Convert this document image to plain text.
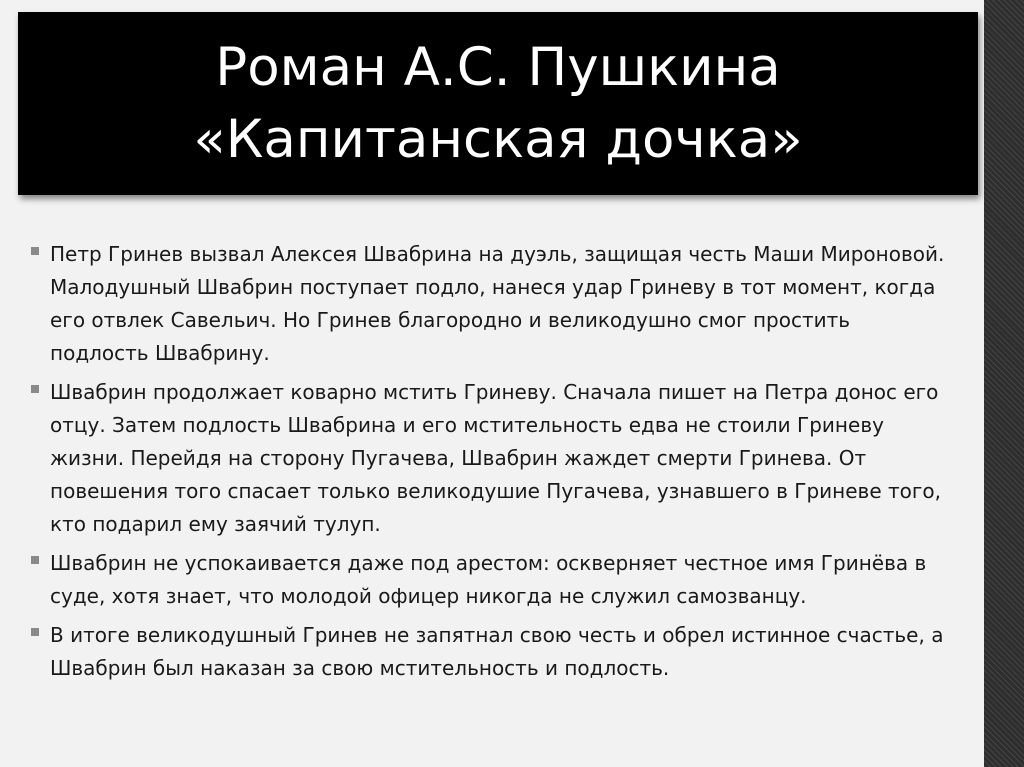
Роман А.С. Пушкина
«Капитанская дочка»
Петр Гринев вызвал Алексея Швабрина на дуэль, защищая честь Маши Мироновой. Малодушный Швабрин поступает подло, нанеся удар Гриневу в тот момент, когда его отвлек Савельич. Но Гринев благородно и великодушно смог простить подлость Швабрину.
Швабрин продолжает коварно мстить Гриневу. Сначала пишет на Петра донос его отцу. Затем подлость Швабрина и его мстительность едва не стоили Гриневу жизни. Перейдя на сторону Пугачева, Швабрин жаждет смерти Гринева. От повешения того спасает только великодушие Пугачева, узнавшего в Гриневе того, кто подарил ему заячий тулуп.
Швабрин не успокаивается даже под арестом: оскверняет честное имя Гринёва в суде, хотя знает, что молодой офицер никогда не служил самозванцу.
В итоге великодушный Гринев не запятнал свою честь и обрел истинное счастье, а Швабрин был наказан за свою мстительность и подлость.
